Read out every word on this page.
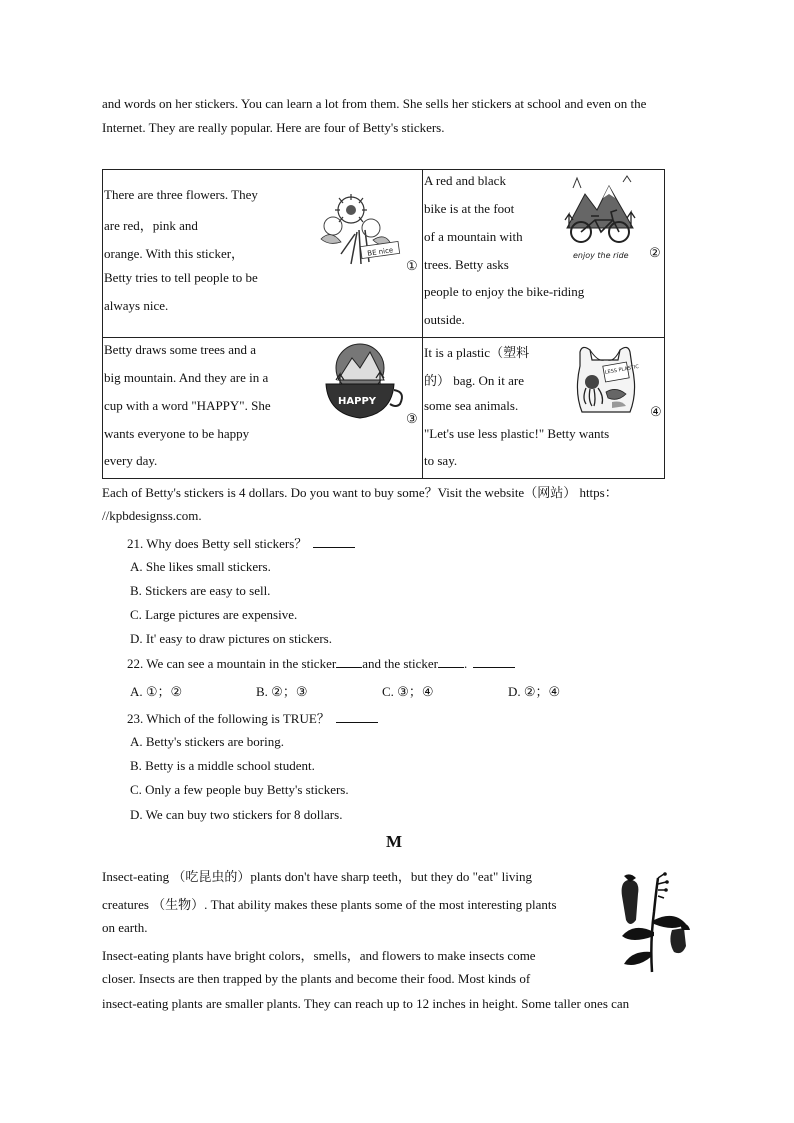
and words on her stickers. You can learn a lot from them. She sells her stickers at school and even on the
Internet. They are really popular. Here are four of Betty's stickers.
There are three flowers. They
are red，pink and
orange. With this sticker，
Betty tries to tell people to be
always nice.
BE nice
①
A red and black
bike is at the foot
of a mountain with
trees. Betty asks
people to enjoy the bike-riding
outside.
enjoy the ride ②
Betty draws some trees and a
big mountain. And they are in a
cup with a word "HAPPY". She
wants everyone to be happy
every day.
HAPPY
③
It is a plastic（塑料
的） bag. On it are
some sea animals.
"Let's use less plastic!" Betty wants
to say.
LESS PLASTIC
④
Each of Betty's stickers is 4 dollars. Do you want to buy some？Visit the website（网站） https：
//kpbdesignss.com.
21. Why does Betty sell stickers？
A. She likes small stickers.
B. Stickers are easy to sell.
C. Large pictures are expensive.
D. It' easy to draw pictures on stickers.
22. We can see a mountain in the sticker and the sticker .
A. ①；②	B. ②；③	C. ③；④	D. ②；④
23. Which of the following is TRUE？
A. Betty's stickers are boring.
B. Betty is a middle school student.
C. Only a few people buy Betty's stickers.
D. We can buy two stickers for 8 dollars.
M
Insect-eating （吃昆虫的）plants don't have sharp teeth，but they do "eat" living
creatures （生物）. That ability makes these plants some of the most interesting plants
on earth.
Insect-eating plants have bright colors，smells，and flowers to make insects come
closer. Insects are then trapped by the plants and become their food. Most kinds of
insect-eating plants are smaller plants. They can reach up to 12 inches in height. Some taller ones can
